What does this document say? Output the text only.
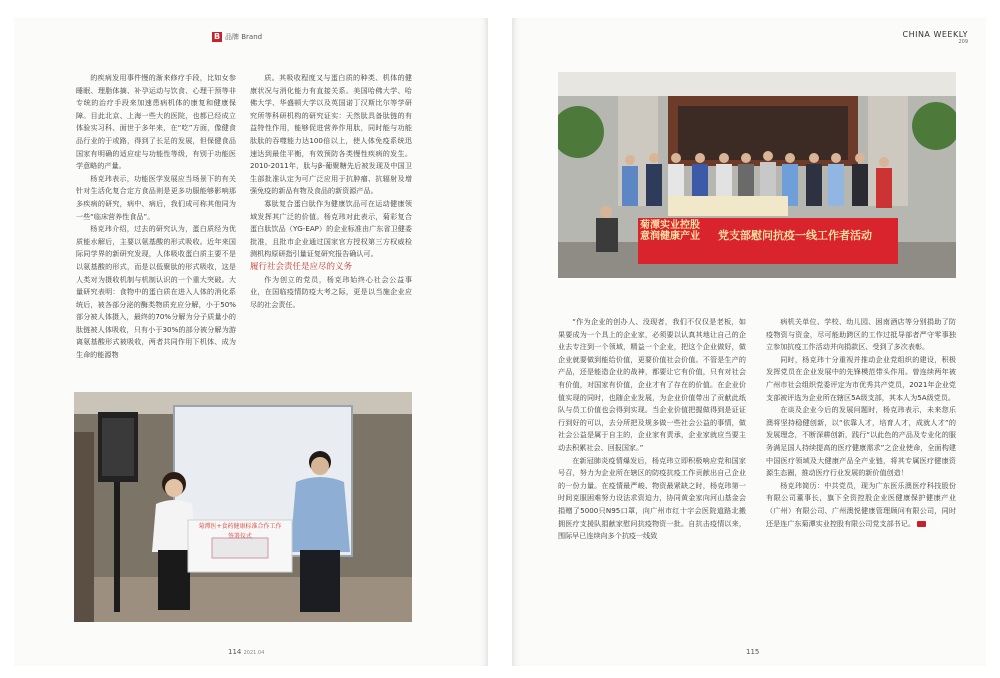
B 品牌 Brand

的疾病发用事件慢的渐来修疗手段，比如女参睡眠、理脂体摘、补孕运动与饮食、心理干预等非专统的治疗手段来加速患病机体的康复和健康保障。目此北京、上海一些大的医院，也都已经成立体验实习科、面世于多年来，在“吃”方面，像健食品行业的于或路，得到了长足的发展，但保健食品国家有明确的适应症与功能性等级，有别于功能医学意略的产量。

杨克玮表示，功能医学发展应当场景下的有关针对生活化复合定方食品则是更多功服能够影响那多疾病的研究，病中、病后，我们成可称其他同为一些“临床营养性食品”。

杨克玮介绍，过去的研究认为，蛋白质经为优质能水解后，主要以氨基酸的形式吸收。近年来国际同学界的新研究发现，人体吸收蛋白质主要不是以氨基酸的形式，而是以低聚肽的形式吸收，这是人类对为摄收机制与机制认识的一个重大突破。大量研究表明：食物中的蛋白质在进入人体的消化系统后，被各部分泌的酶类物质充应分解，小于50%部分被人体摄入，最终的70%分解为分子质量小的肽链被人体吸收，只有小于30%的部分被分解为游离氨基酸形式被吸收，两者共同作用下机体、成为生命的能源物

质。其吸收程度又与蛋白质的种类、机体的健康状况与消化能力有直接关系。美国哈佛大学、哈佛大学、华盛顿大学以及英国诺丁汉斯比尔等学研究所等科研机构的研究证实：天然肽具备肽链的有益特性作用，能够促进营养作用肽，同时能与功能肽肽的吞噬能力达100倍以上，使人体免疫系统迅速达到最佳平衡，有效预防各类慢性疾病的发生。2010-2011年，肽与β-葡聚糖先后被发现及中国卫生部批准认定为可广泛应用于抗肿瘤、抗辐射及增强免疫的新品有物及食品的新资源产品。

寡肽复合蛋白肽作为健康饮品可在运动健康领域发挥其广泛的价值。杨克玮对此表示，菊彩复合蛋白肽饮品（YG-EAP）的企业标准由广东省卫健委批准，且批市企业通过国家官方授权第三方权威检测机构原研指引量证复研究报告确认可。

履行社会责任是应尽的义务

作为创立的党员，杨克玮始终心社会公益事业，在国临疫情防疫大考之际，更是以当施企业应尽的社会责任。

菊潭医+食药健康标准合作工作
签署仪式
114 2021.04
CHINA WEEKLY
209
菊潭实业控股
意润健康产业 党支部慰问抗疫一线工作者活动

“作为企业的创办人、没现者，我们不仅仅是老板，如果要成为一个具上的企业家，必须要以认真其地让自己的企业去专注到一个领域，精益一个企业，把这个企业做好，做企业就要做到能给价值，更要价值社会价值。不管是生产的产品，还是能造企业的战神，都要让它有价值，只有对社会有价值，对国家有价值，企业才有了存在的价值。在企业价值实现的同时，也随企业发展，为企业价值带出了贡献此纸队与员工价值也会得到实现。当企业价值把握做得到是证证行到好的可以，去分所把及规多做一些社会公益的事情，做社会公益是属于自主的，企业家有责承，企业家就应当要主动去积累社会、回报国家。”

在新冠肺炎疫情爆发后，杨克玮立即积极响应党和国家号召，努力为企业所在辖区的防疫抗疫工作贡献出自己企业的一份力量。在疫情最严峻、物资最紧缺之时，杨克玮第一时间克服困难努力设法求资迫力，协同黄金家向河山基金会捐赠了5000只N95口罩，向广州市红十字会医院道路北搬拥医疗支援队捐献家慰问抗疫物资一批。自抗击疫情以来，围际早已连续向多个抗疫一线致

病机关单位、学校、幼儿园、困南酒店等分别捐助了防疫物资与资金，尽可能助跨区的工作过抵导部者严守零事独立参加抗疫工作活动并向捐款区、受到了多次表彰。

同时，杨克玮十分重视并推动企业党组织的建设，积极发挥党员在企业发展中的先锋模范带头作用。曾连续两年被广州市社会组织党委评定为市优秀共产党员，2021年企业党支部被评选为企业所在辖区5A级支部，其本人为5A级党员。

在谈及企业今后的发展问题时，杨克玮表示，未来您乐澳将坚持稳健创新，以“依靠人才，培育人才，成就人才”的发展理念，不断深耕创新，践行“以此色的产品及专业化的服务满足国人持续提高的医疗健康需求”之企业使命，全面构建中国医疗领域及大健康产品全产业链，将其专属医疗健康资源生态圈，推动医疗行业发展的新价值创造！

杨克玮简历：中共党员，现为广东医乐澳医疗科技股份有限公司董事长，旗下全资控股企业医健康保护健康产业（广州）有限公司、广州澳悦健康管理顾问有限公司，同时还是连广东菊潭实业控股有限公司党支部书记。	CW

115
